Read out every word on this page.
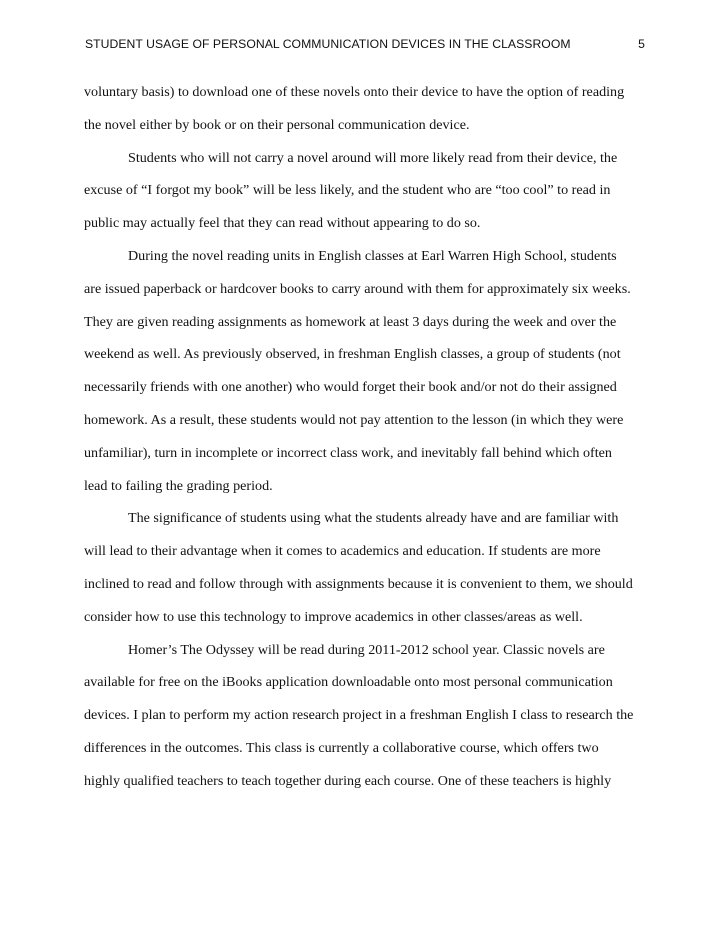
STUDENT USAGE OF PERSONAL COMMUNICATION DEVICES IN THE CLASSROOM	5
voluntary basis) to download one of these novels onto their device to have the option of reading
the novel either by book or on their personal communication device.
Students who will not carry a novel around will more likely read from their device, the
excuse of “I forgot my book” will be less likely, and the student who are “too cool” to read in
public may actually feel that they can read without appearing to do so.
During the novel reading units in English classes at Earl Warren High School, students
are issued paperback or hardcover books to carry around with them for approximately six weeks.
They are given reading assignments as homework at least 3 days during the week and over the
weekend as well. As previously observed, in freshman English classes, a group of students (not
necessarily friends with one another) who would forget their book and/or not do their assigned
homework. As a result, these students would not pay attention to the lesson (in which they were
unfamiliar), turn in incomplete or incorrect class work, and inevitably fall behind which often
lead to failing the grading period.
The significance of students using what the students already have and are familiar with
will lead to their advantage when it comes to academics and education. If students are more
inclined to read and follow through with assignments because it is convenient to them, we should
consider how to use this technology to improve academics in other classes/areas as well.
Homer’s The Odyssey will be read during 2011-2012 school year. Classic novels are
available for free on the iBooks application downloadable onto most personal communication
devices. I plan to perform my action research project in a freshman English I class to research the
differences in the outcomes. This class is currently a collaborative course, which offers two
highly qualified teachers to teach together during each course. One of these teachers is highly
